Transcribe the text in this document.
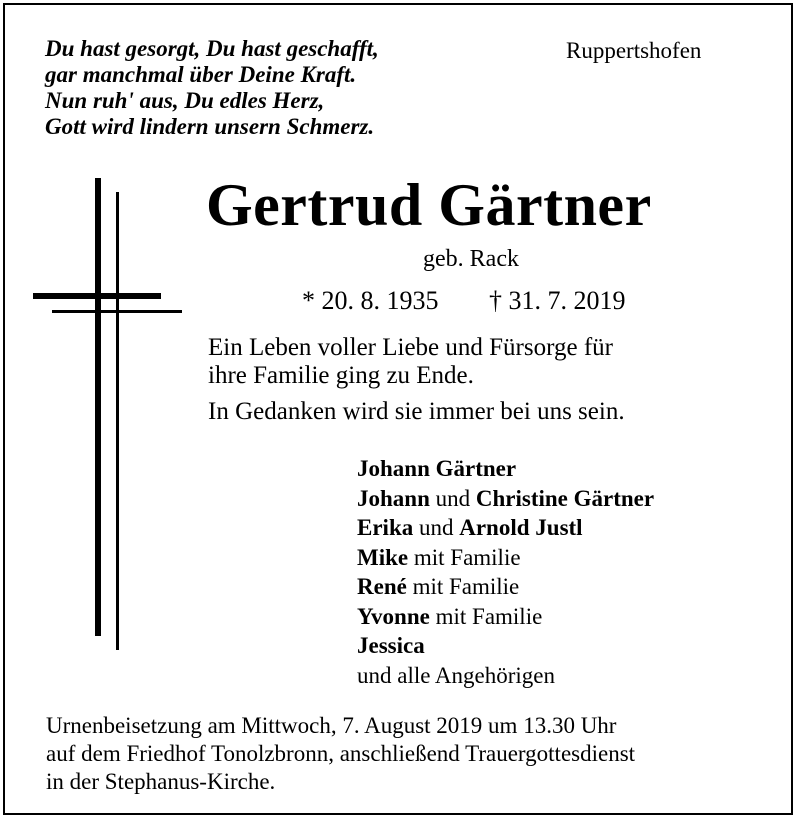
Du hast gesorgt, Du hast geschafft,
gar manchmal über Deine Kraft.
Nun ruh' aus, Du edles Herz,
Gott wird lindern unsern Schmerz.
Ruppertshofen
Gertrud Gärtner
geb. Rack
* 20. 8. 1935 † 31. 7. 2019
Ein Leben voller Liebe und Fürsorge für
ihre Familie ging zu Ende.
In Gedanken wird sie immer bei uns sein.
Johann Gärtner
Johann und Christine Gärtner
Erika und Arnold Justl
Mike mit Familie
René mit Familie
Yvonne mit Familie
Jessica
und alle Angehörigen
Urnenbeisetzung am Mittwoch, 7. August 2019 um 13.30 Uhr
auf dem Friedhof Tonolzbronn, anschließend Trauergottesdienst
in der Stephanus-Kirche.
